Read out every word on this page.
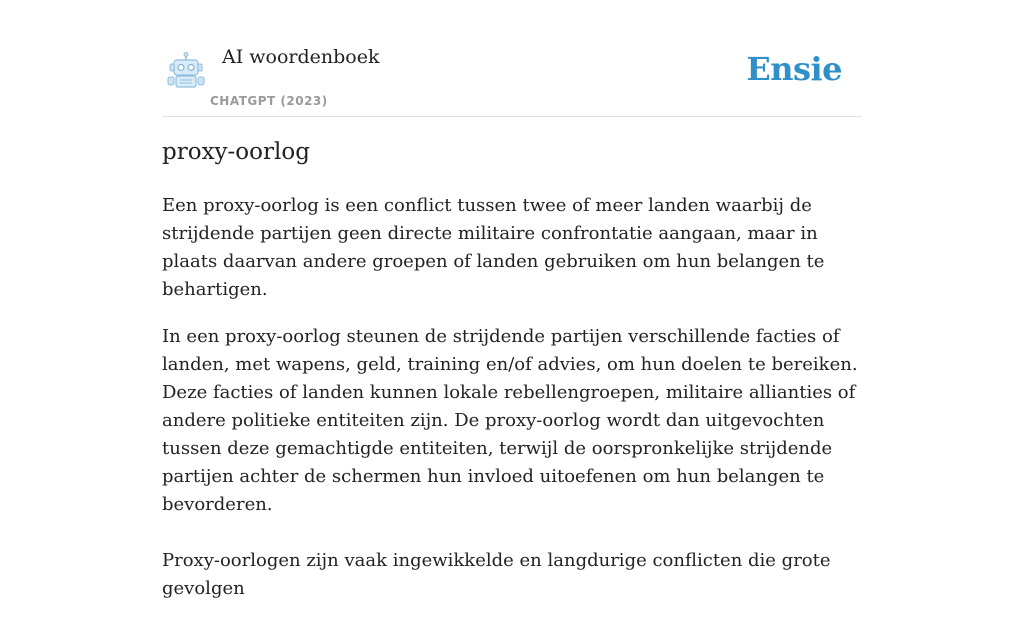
AI woordenboek
CHATGPT (2023)
Ensie
proxy-oorlog

Een proxy-oorlog is een conflict tussen twee of meer landen waarbij de strijdende partijen geen directe militaire confrontatie aangaan, maar in plaats daarvan andere groepen of landen gebruiken om hun belangen te behartigen.

In een proxy-oorlog steunen de strijdende partijen verschillende facties of landen, met wapens, geld, training en/of advies, om hun doelen te bereiken. Deze facties of landen kunnen lokale rebellengroepen, militaire allianties of andere politieke entiteiten zijn. De proxy-oorlog wordt dan uitgevochten tussen deze gemachtigde entiteiten, terwijl de oorspronkelijke strijdende partijen achter de schermen hun invloed uitoefenen om hun belangen te bevorderen.

Proxy-oorlogen zijn vaak ingewikkelde en langdurige conflicten die grote gevolgen
